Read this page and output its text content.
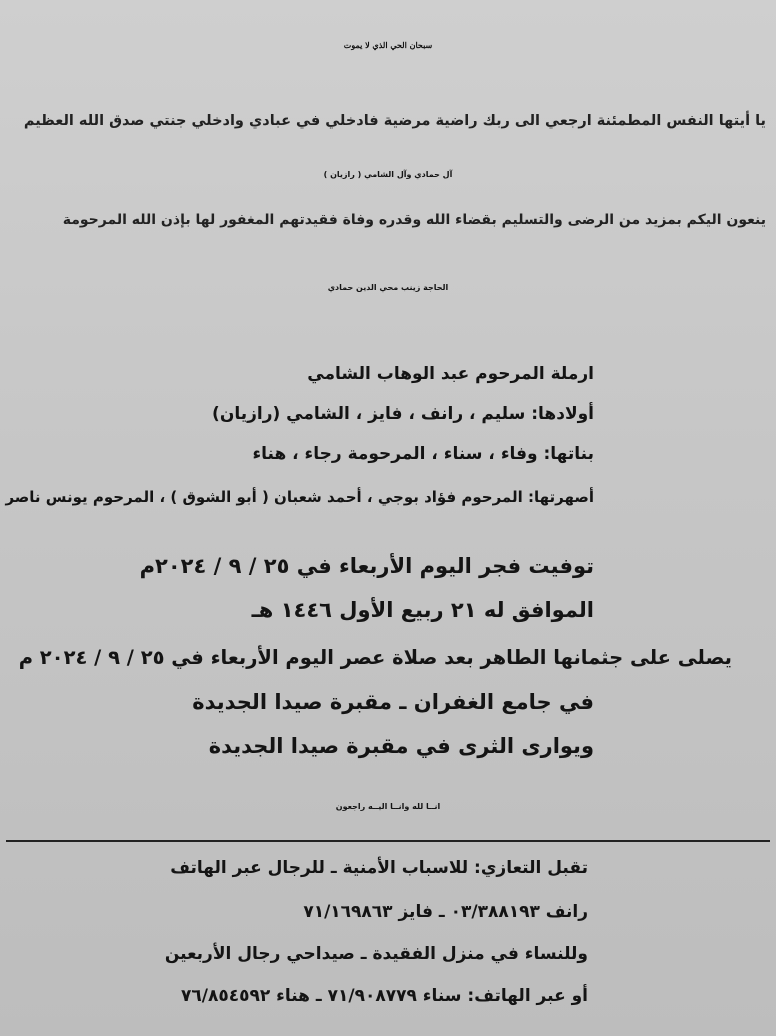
سبحان الحي الذي لا يموت
يا أيتها النفس المطمئنة ارجعي الى ربك راضية مرضية فادخلي في عبادي وادخلي جنتي صدق الله العظيم
آل حمادي وآل الشامي ( رازيان )
ينعون اليكم بمزيد من الرضى والتسليم بقضاء الله وقدره وفاة فقيدتهم المغفور لها بإذن الله المرحومة
الحاجة زينب محي الدين حمادي
ارملة المرحوم عبد الوهاب الشامي
أولادها: سليم ، رانف ، فايز ، الشامي (رازيان)
بناتها: وفاء ، سناء ، المرحومة رجاء ، هناء
أصهرتها: المرحوم فؤاد بوجي ، أحمد شعبان ( أبو الشوق ) ، المرحوم يونس ناصر
توفيت فجر اليوم الأربعاء في ٢٥ / ٩ / ٢٠٢٤م
الموافق له ٢١ ربيع الأول ١٤٤٦ هـ
يصلى على جثمانها الطاهر بعد صلاة عصر اليوم الأربعاء في ٢٥ / ٩ / ٢٠٢٤ م
في جامع الغفران ـ مقبرة صيدا الجديدة
ويوارى الثرى في مقبرة صيدا الجديدة
انــا لله وانــا اليــه راجعون
تقبل التعازي: للاسباب الأمنية ـ للرجال عبر الهاتف
رانف ٠٣/٣٨٨١٩٣ ـ فايز ٧١/١٦٩٨٦٣
وللنساء في منزل الفقيدة ـ صيداحي رجال الأربعين
أو عبر الهاتف: سناء ٧١/٩٠٨٧٧٩ ـ هناء ٧٦/٨٥٤٥٩٢
